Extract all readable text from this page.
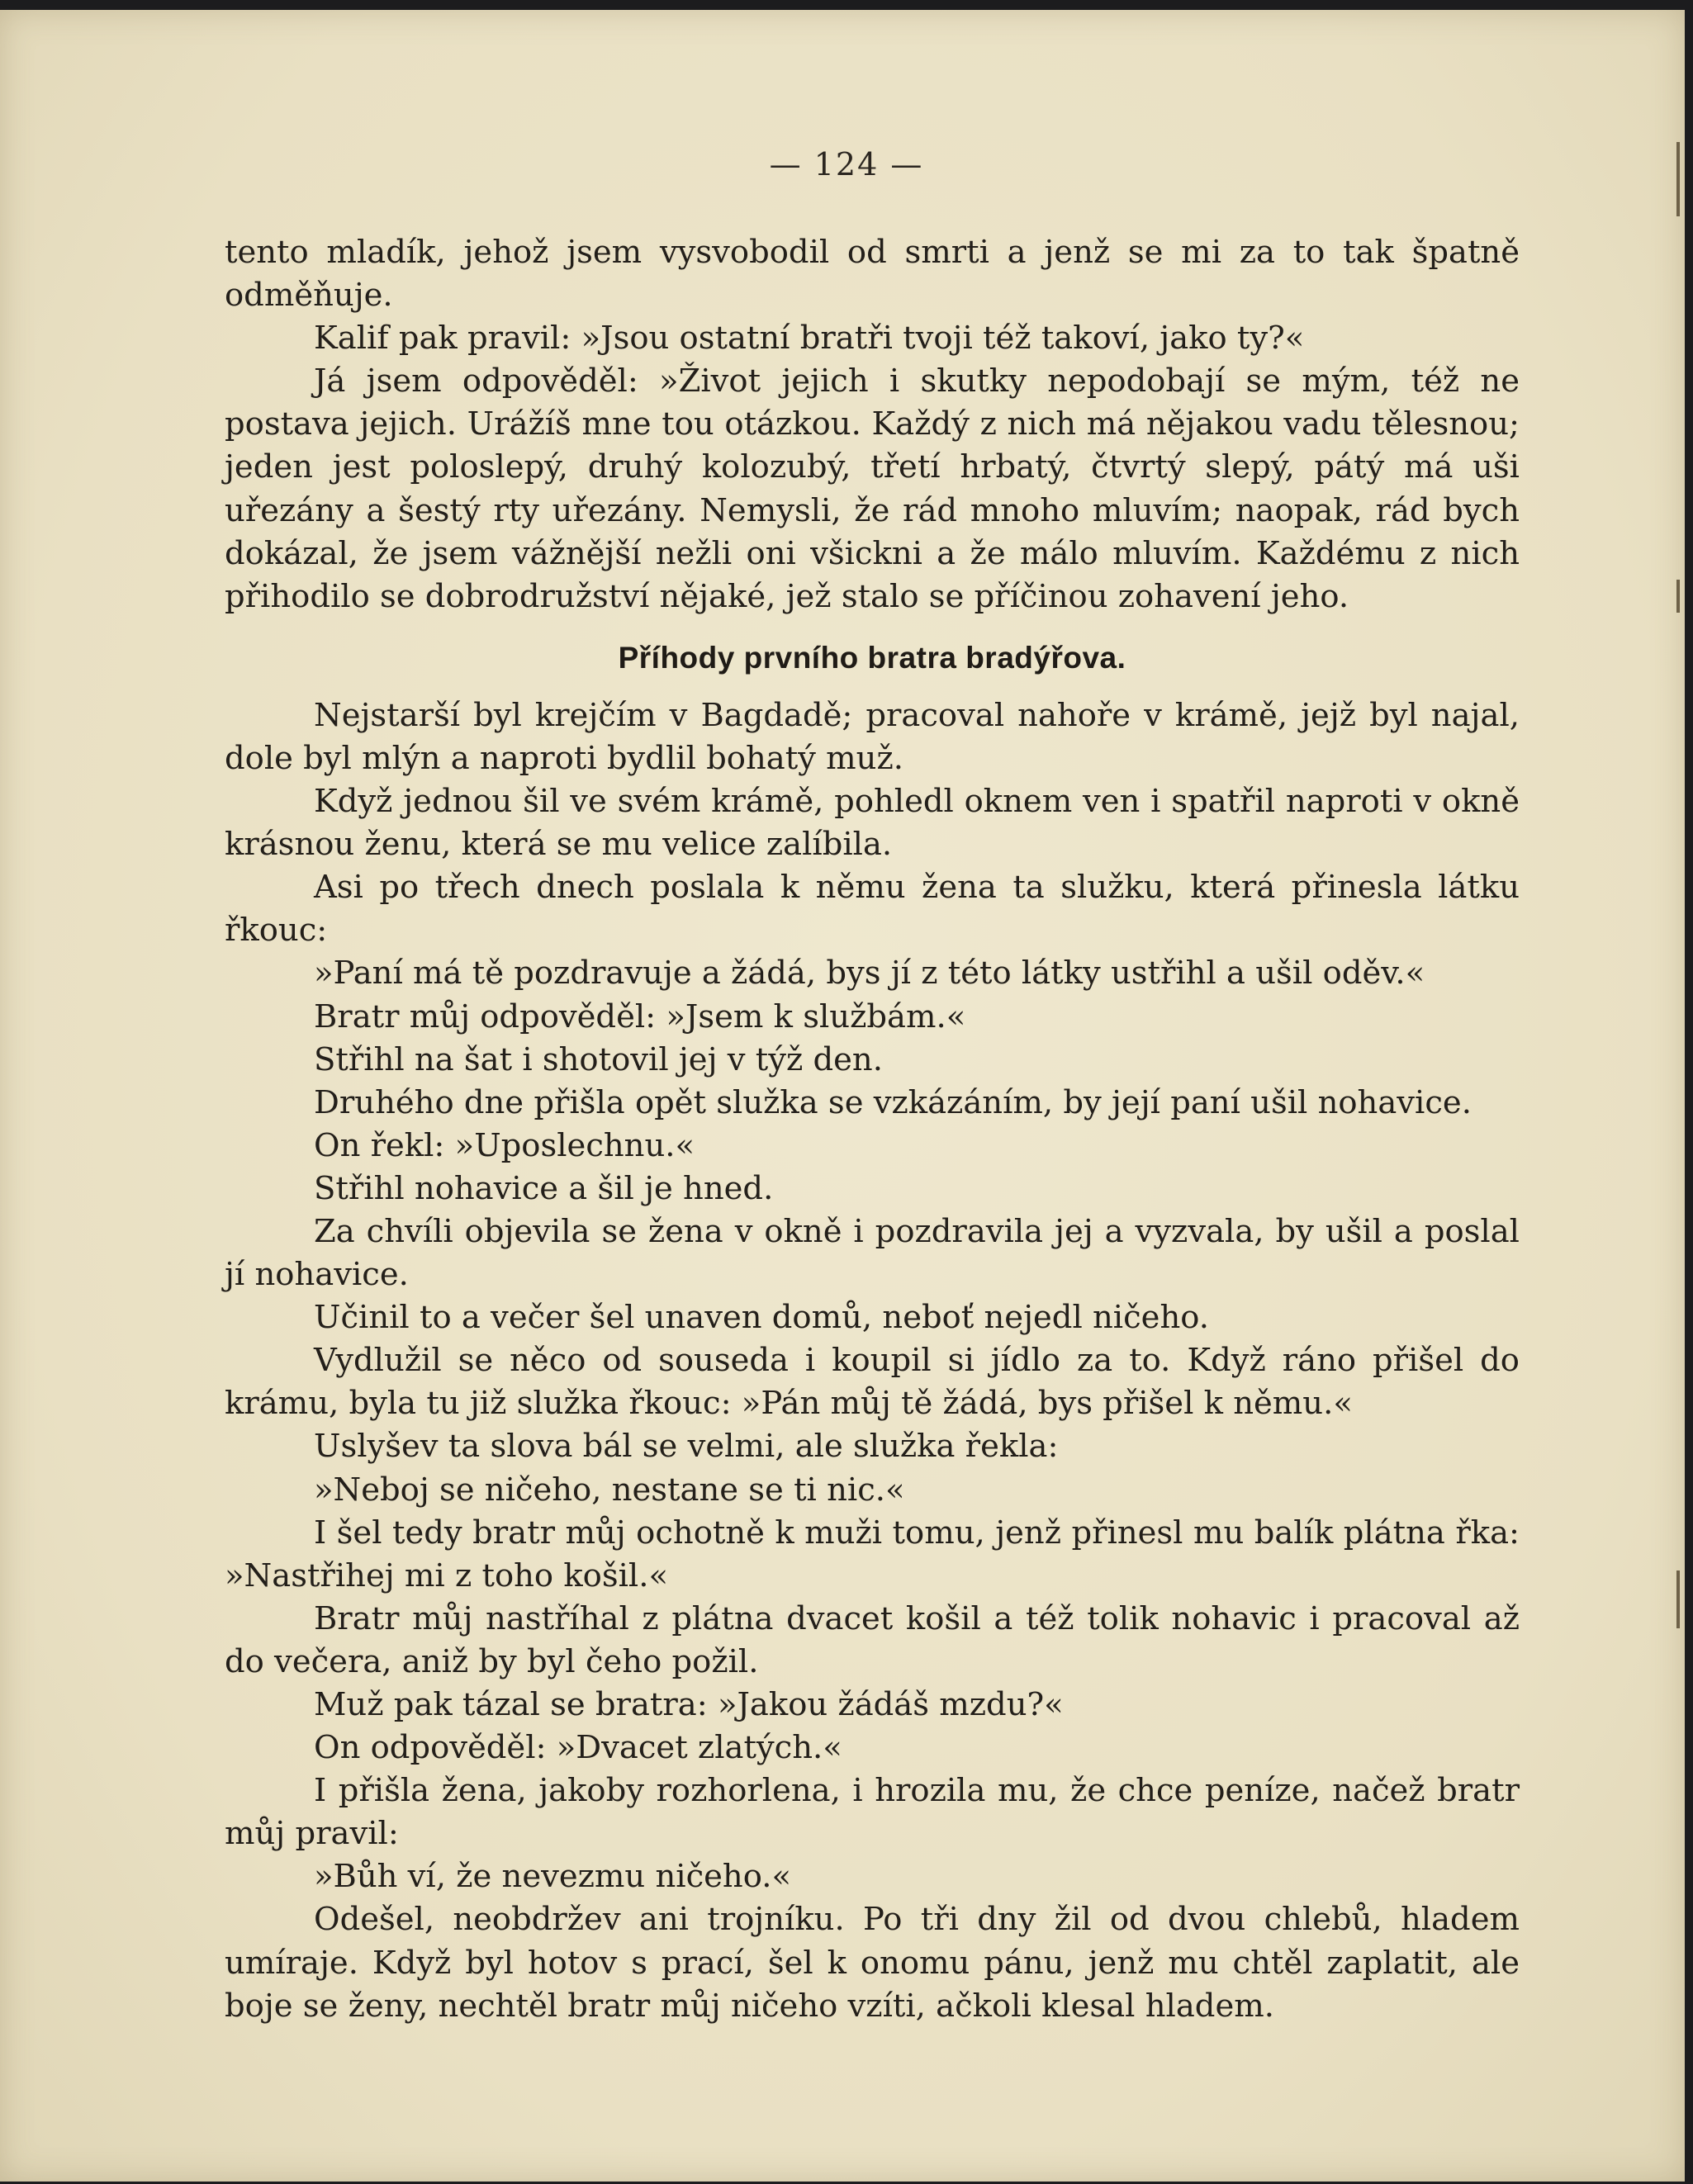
— 124 —

tento mladík, jehož jsem vysvobodil od smrti a jenž se mi za to tak špatně odměňuje.

Kalif pak pravil: »Jsou ostatní bratři tvoji též takoví, jako ty?«

Já jsem odpověděl: »Život jejich i skutky nepodobají se mým, též ne postava jejich. Urážíš mne tou otázkou. Každý z nich má nějakou vadu tělesnou; jeden jest poloslepý, druhý kolozubý, třetí hrbatý, čtvrtý slepý, pátý má uši uřezány a šestý rty uřezány. Nemysli, že rád mnoho mluvím; naopak, rád bych dokázal, že jsem vážnější nežli oni všickni a že málo mluvím. Každému z nich přihodilo se dobrodružství nějaké, jež stalo se příčinou zohavení jeho.

Příhody prvního bratra bradýřova.

Nejstarší byl krejčím v Bagdadě; pracoval nahoře v krámě, jejž byl najal, dole byl mlýn a naproti bydlil bohatý muž.

Když jednou šil ve svém krámě, pohledl oknem ven i spatřil naproti v okně krásnou ženu, která se mu velice zalíbila.

Asi po třech dnech poslala k němu žena ta služku, která přinesla látku řkouc:

»Paní má tě pozdravuje a žádá, bys jí z této látky ustřihl a ušil oděv.«

Bratr můj odpověděl: »Jsem k službám.«

Střihl na šat i shotovil jej v týž den.

Druhého dne přišla opět služka se vzkázáním, by její paní ušil nohavice.

On řekl: »Uposlechnu.«

Střihl nohavice a šil je hned.

Za chvíli objevila se žena v okně i pozdravila jej a vyzvala, by ušil a poslal jí nohavice.

Učinil to a večer šel unaven domů, neboť nejedl ničeho.

Vydlužil se něco od souseda i koupil si jídlo za to. Když ráno přišel do krámu, byla tu již služka řkouc: »Pán můj tě žádá, bys přišel k němu.«

Uslyšev ta slova bál se velmi, ale služka řekla:

»Neboj se ničeho, nestane se ti nic.«

I šel tedy bratr můj ochotně k muži tomu, jenž přinesl mu balík plátna řka: »Nastřihej mi z toho košil.«

Bratr můj nastříhal z plátna dvacet košil a též tolik nohavic i pracoval až do večera, aniž by byl čeho požil.

Muž pak tázal se bratra: »Jakou žádáš mzdu?«

On odpověděl: »Dvacet zlatých.«

I přišla žena, jakoby rozhorlena, i hrozila mu, že chce peníze, načež bratr můj pravil:

»Bůh ví, že nevezmu ničeho.«

Odešel, neobdržev ani trojníku. Po tři dny žil od dvou chlebů, hladem umíraje. Když byl hotov s prací, šel k onomu pánu, jenž mu chtěl zaplatit, ale boje se ženy, nechtěl bratr můj ničeho vzíti, ačkoli klesal hladem.
